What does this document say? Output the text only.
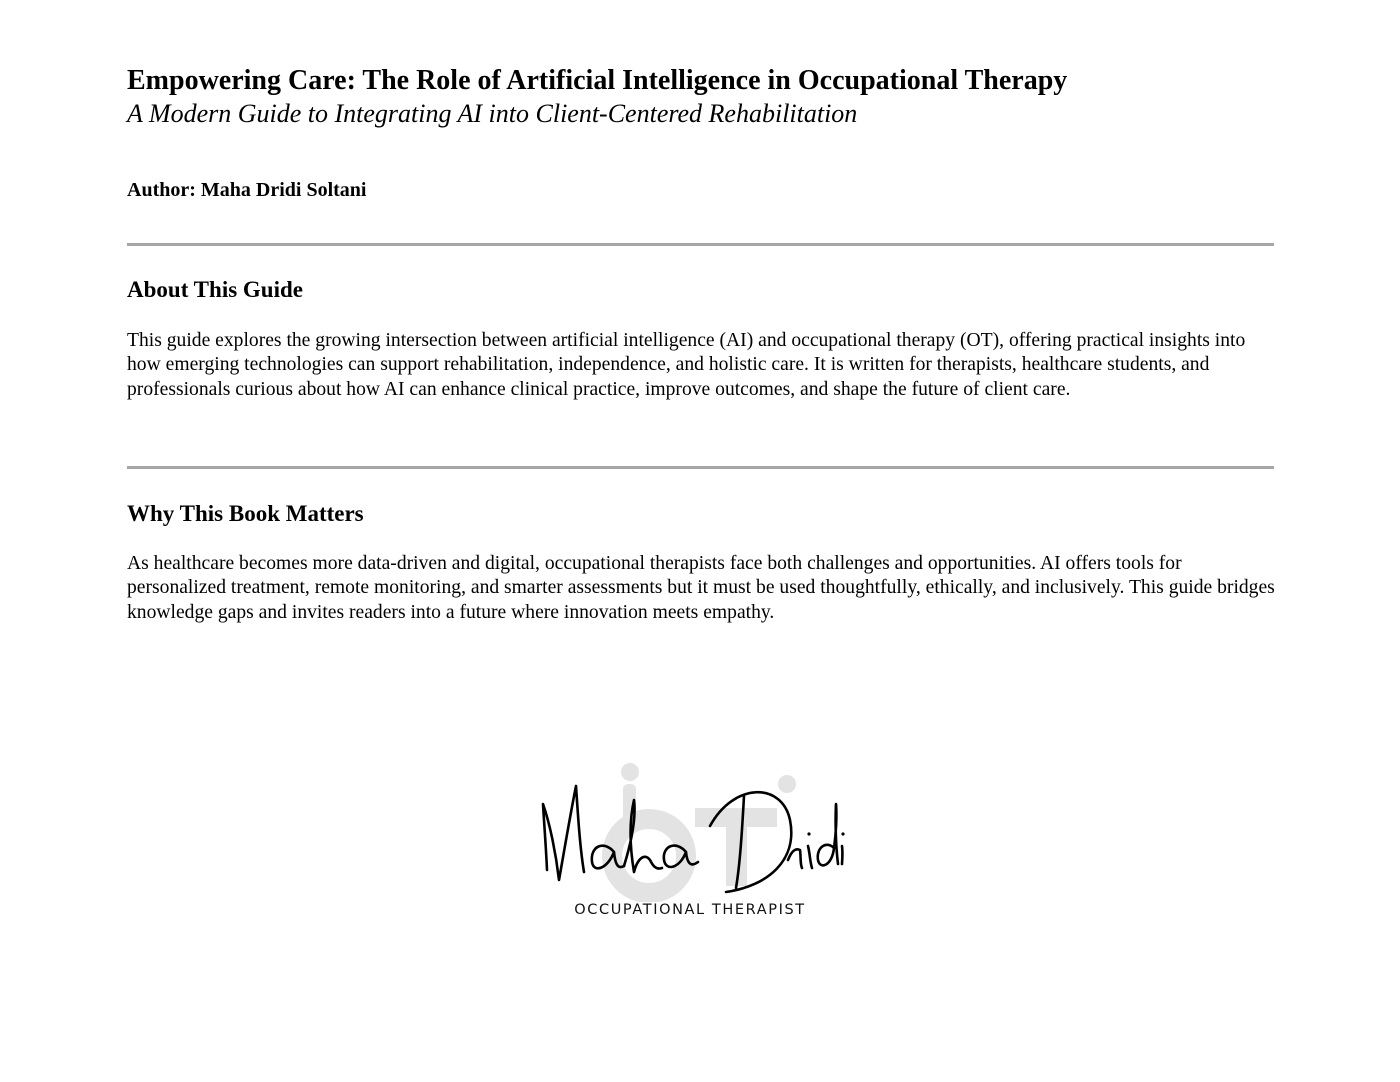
Empowering Care: The Role of Artificial Intelligence in Occupational Therapy
A Modern Guide to Integrating AI into Client-Centered Rehabilitation

Author: Maha Dridi Soltani

About This Guide

This guide explores the growing intersection between artificial intelligence (AI) and occupational therapy (OT), offering practical insights into how emerging technologies can support rehabilitation, independence, and holistic care. It is written for therapists, healthcare students, and professionals curious about how AI can enhance clinical practice, improve outcomes, and shape the future of client care.

Why This Book Matters

As healthcare becomes more data-driven and digital, occupational therapists face both challenges and opportunities. AI offers tools for personalized treatment, remote monitoring, and smarter assessments but it must be used thoughtfully, ethically, and inclusively. This guide bridges knowledge gaps and invites readers into a future where innovation meets empathy.

OCCUPATIONAL THERAPIST
